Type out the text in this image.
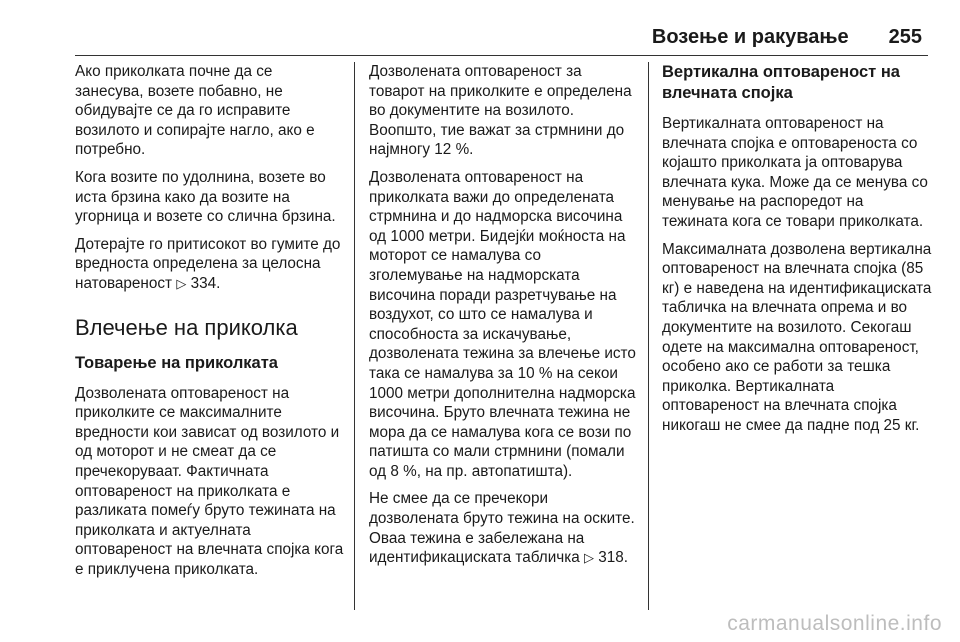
Возење и ракување 255

Ако приколката почне да се занесува, возете побавно, не обидувајте се да го исправите возилото и сопирајте нагло, ако е потребно.

Кога возите по удолнина, возете во иста брзина како да возите на угорница и возете со слична брзина.

Дотерајте го притисокот во гумите до вредноста определена за целосна натовареност ▷ 334.

Влечење на приколка
Товарење на приколката

Дозволената оптовареност на приколките се максималните вредности кои зависат од возилото и од моторот и не смеат да се пречекоруваат. Фактичната оптовареност на приколката е разликата помеѓу бруто тежината на приколката и актуелната оптовареност на влечната спојка кога е приклучена приколката.

Дозволената оптовареност за товарот на приколките е определена во документите на возилото. Воопшто, тие важат за стрмнини до најмногу 12 %.

Дозволената оптовареност на приколката важи до определената стрмнина и до надморска височина од 1000 метри. Бидејќи моќноста на моторот се намалува со зголемување на надморската височина поради разретчување на воздухот, со што се намалува и способноста за искачување, дозволената тежина за влечење исто така се намалува за 10 % на секои 1000 метри дополнителна надморска височина. Бруто влечната тежина не мора да се намалува кога се вози по патишта со мали стрмнини (помали од 8 %, на пр. автопатишта).

Не смее да се пречекори дозволената бруто тежина на оските. Оваа тежина е забележана на идентификациската табличка ▷ 318.

Вертикална оптовареност на влечната спојка

Вертикалната оптовареност на влечната спојка е оптовареноста со којашто приколката ја оптоварува влечната кука. Може да се менува со менување на распоредот на тежината кога се товари приколката.

Максималната дозволена вертикална оптовареност на влечната спојка (85 кг) е наведена на идентификациската табличка на влечната опрема и во документите на возилото. Секогаш одете на максимална оптовареност, особено ако се работи за тешка приколка. Вертикалната оптовареност на влечната спојка никогаш не смее да падне под 25 кг.

carmanualsonline.info
